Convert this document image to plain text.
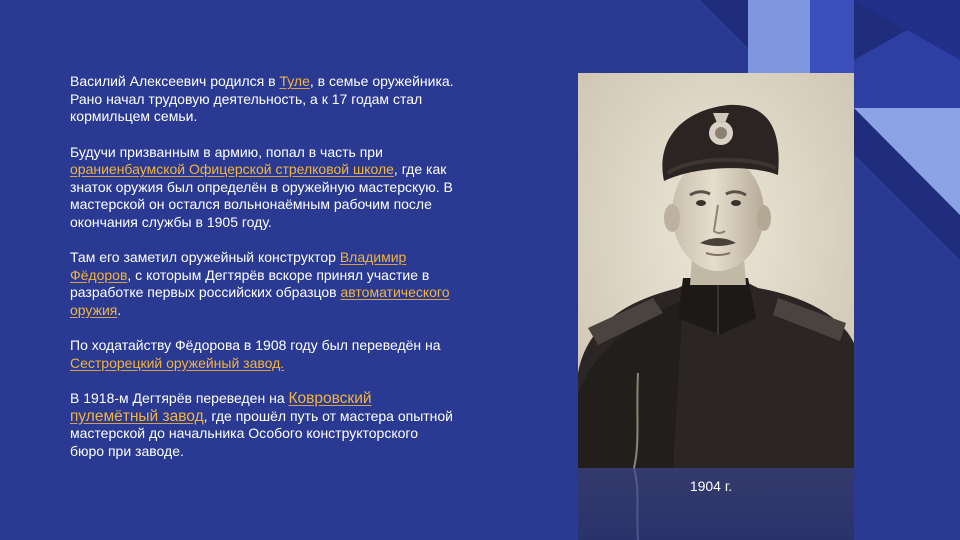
Василий Алексеевич родился в Туле, в семье оружейника. Рано начал трудовую деятельность, а к 17 годам стал кормильцем семьи.

Будучи призванным в армию, попал в часть при ораниенбаумской Офицерской стрелковой школе, где как знаток оружия был определён в оружейную мастерскую. В мастерской он остался вольнонаёмным рабочим после окончания службы в 1905 году.

Там его заметил оружейный конструктор Владимир Фёдоров, с которым Дегтярёв вскоре принял участие в разработке первых российских образцов автоматического оружия.

По ходатайству Фёдорова в 1908 году был переведён на Сестрорецкий оружейный завод.

В 1918-м Дегтярёв переведен на Ковровский пулемётный завод, где прошёл путь от мастера опытной мастерской до начальника Особого конструкторского бюро при заводе.

1904 г.
